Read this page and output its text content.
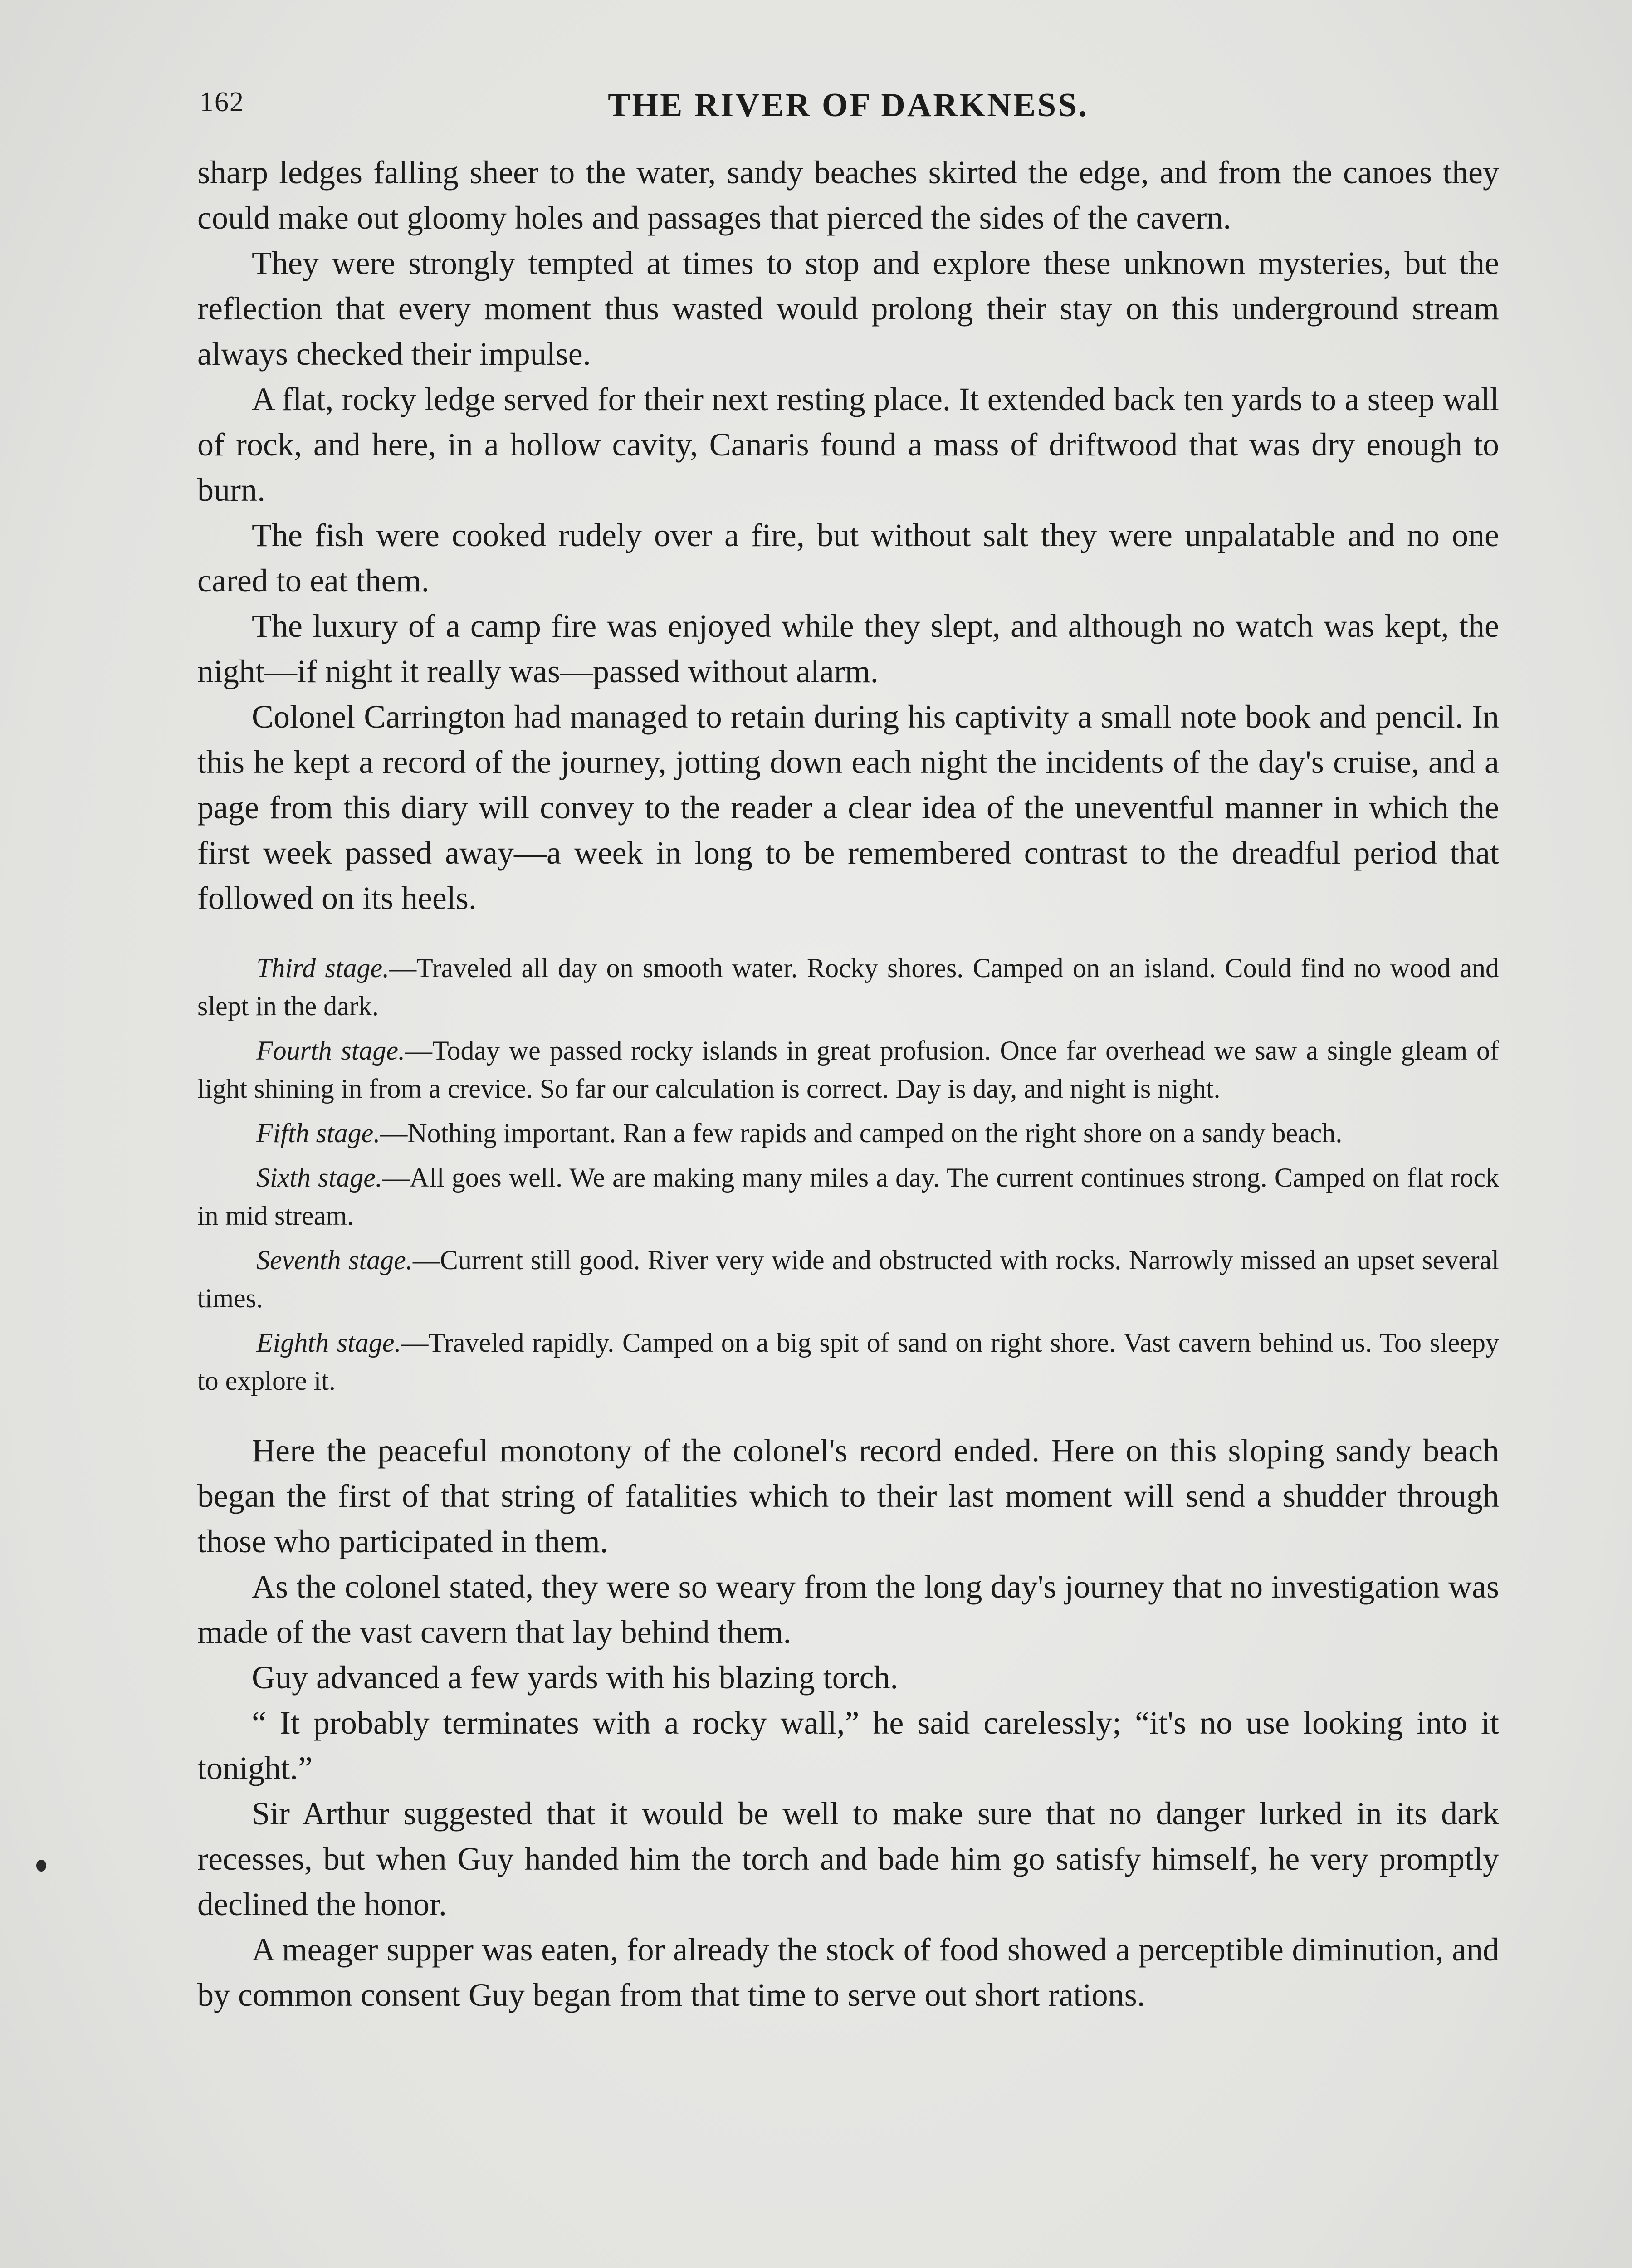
162	THE RIVER OF DARKNESS.

sharp ledges falling sheer to the water, sandy beaches skirted the edge, and from the canoes they could make out gloomy holes and passages that pierced the sides of the cavern.

They were strongly tempted at times to stop and explore these unknown mysteries, but the reflection that every moment thus wasted would prolong their stay on this underground stream always checked their impulse.

A flat, rocky ledge served for their next resting place. It extended back ten yards to a steep wall of rock, and here, in a hollow cavity, Canaris found a mass of driftwood that was dry enough to burn.

The fish were cooked rudely over a fire, but without salt they were unpalatable and no one cared to eat them.

The luxury of a camp fire was enjoyed while they slept, and although no watch was kept, the night—if night it really was—passed without alarm.

Colonel Carrington had managed to retain during his captivity a small note book and pencil. In this he kept a record of the journey, jotting down each night the incidents of the day's cruise, and a page from this diary will convey to the reader a clear idea of the uneventful manner in which the first week passed away—a week in long to be remembered contrast to the dreadful period that followed on its heels.

Third stage.—Traveled all day on smooth water. Rocky shores. Camped on an island. Could find no wood and slept in the dark.

Fourth stage.—Today we passed rocky islands in great profusion. Once far overhead we saw a single gleam of light shining in from a crevice. So far our calculation is correct. Day is day, and night is night.

Fifth stage.—Nothing important. Ran a few rapids and camped on the right shore on a sandy beach.

Sixth stage.—All goes well. We are making many miles a day. The current continues strong. Camped on flat rock in mid stream.

Seventh stage.—Current still good. River very wide and obstructed with rocks. Narrowly missed an upset several times.

Eighth stage.—Traveled rapidly. Camped on a big spit of sand on right shore. Vast cavern behind us. Too sleepy to explore it.

Here the peaceful monotony of the colonel's record ended. Here on this sloping sandy beach began the first of that string of fatalities which to their last moment will send a shudder through those who participated in them.

As the colonel stated, they were so weary from the long day's journey that no investigation was made of the vast cavern that lay behind them.

Guy advanced a few yards with his blazing torch.

“ It probably terminates with a rocky wall,” he said carelessly; “it's no use looking into it tonight.”

Sir Arthur suggested that it would be well to make sure that no danger lurked in its dark recesses, but when Guy handed him the torch and bade him go satisfy himself, he very promptly declined the honor.

A meager supper was eaten, for already the stock of food showed a perceptible diminution, and by common consent Guy began from that time to serve out short rations.
